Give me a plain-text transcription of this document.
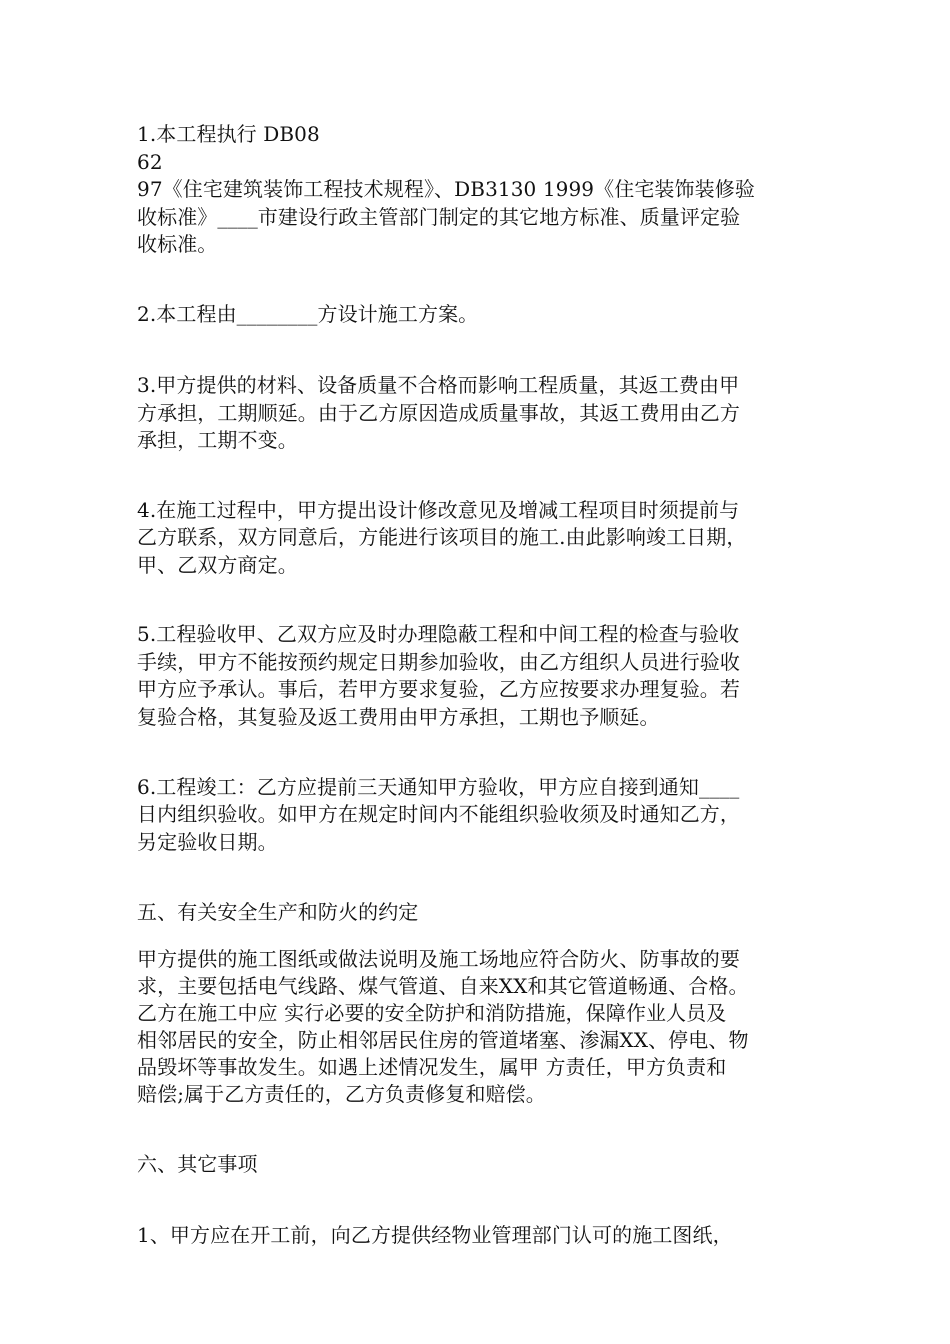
1.本工程执行 DB08
62
97《住宅建筑装饰工程技术规程》、DB3130 1999《住宅装饰装修验
收标准》____市建设行政主管部门制定的其它地方标准、质量评定验
收标准。
2.本工程由________方设计施工方案。
3.甲方提供的材料、设备质量不合格而影响工程质量，其返工费由甲
方承担，工期顺延。由于乙方原因造成质量事故，其返工费用由乙方
承担，工期不变。
4.在施工过程中，甲方提出设计修改意见及增减工程项目时须提前与
乙方联系，双方同意后，方能进行该项目的施工.由此影响竣工日期，
甲、乙双方商定。
5.工程验收甲、乙双方应及时办理隐蔽工程和中间工程的检查与验收
手续，甲方不能按预约规定日期参加验收，由乙方组织人员进行验收
甲方应予承认。事后，若甲方要求复验，乙方应按要求办理复验。若
复验合格，其复验及返工费用由甲方承担，工期也予顺延。
6.工程竣工：乙方应提前三天通知甲方验收，甲方应自接到通知____
日内组织验收。如甲方在规定时间内不能组织验收须及时通知乙方，
另定验收日期。
五、有关安全生产和防火的约定
甲方提供的施工图纸或做法说明及施工场地应符合防火、防事故的要
求，主要包括电气线路、煤气管道、自来XX和其它管道畅通、合格。
乙方在施工中应 实行必要的安全防护和消防措施，保障作业人员及
相邻居民的安全，防止相邻居民住房的管道堵塞、渗漏XX、停电、物
品毁坏等事故发生。如遇上述情况发生，属甲 方责任，甲方负责和
赔偿;属于乙方责任的，乙方负责修复和赔偿。
六、其它事项
1、甲方应在开工前，向乙方提供经物业管理部门认可的施工图纸，
